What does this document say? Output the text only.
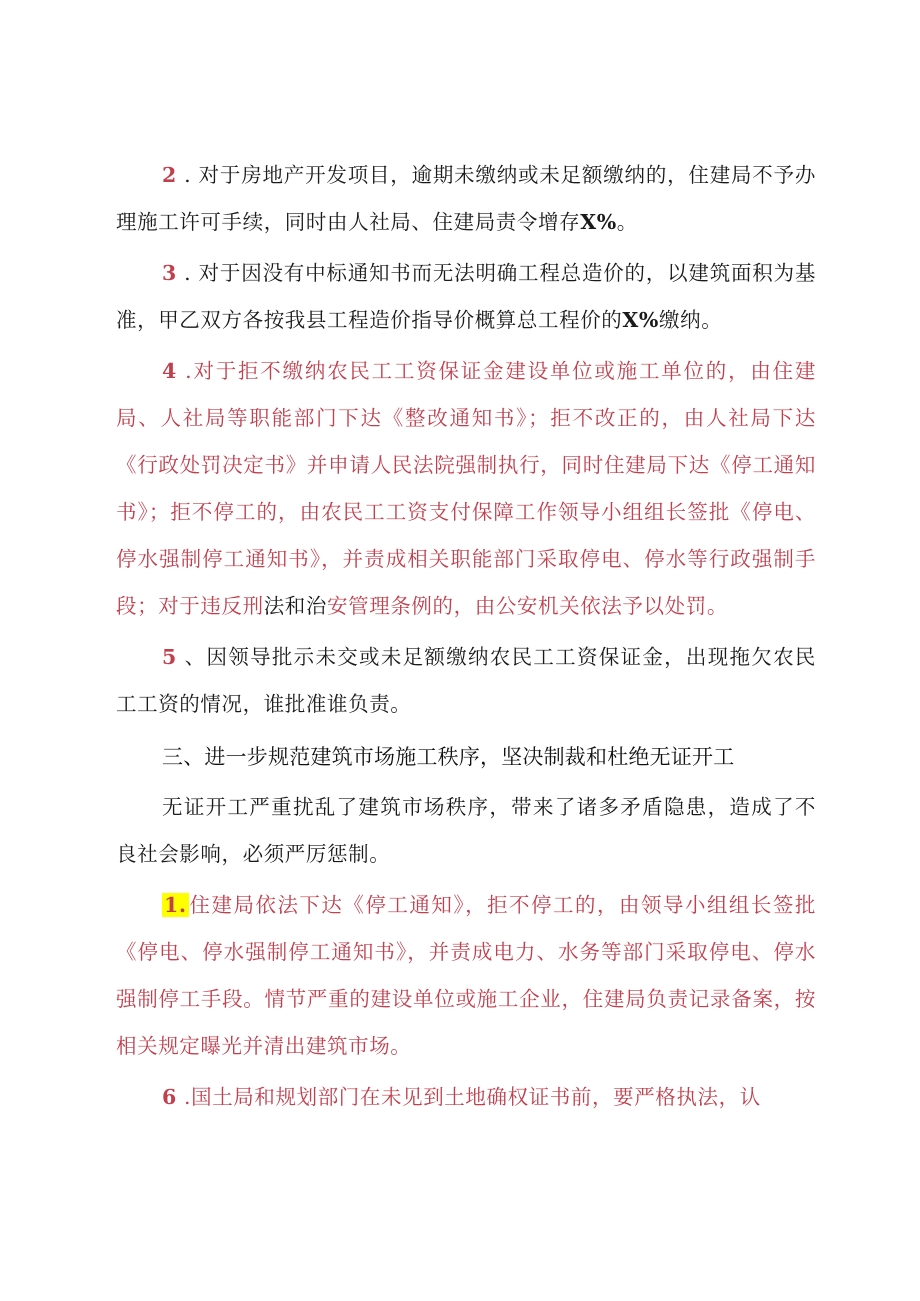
2 . 对于房地产开发项目，逾期未缴纳或未足额缴纳的，住建局不予办理施工许可手续，同时由人社局、住建局责令增存X%。

3 . 对于因没有中标通知书而无法明确工程总造价的，以建筑面积为基准，甲乙双方各按我县工程造价指导价概算总工程价的X%缴纳。

4 .对于拒不缴纳农民工工资保证金建设单位或施工单位的，由住建局、人社局等职能部门下达《整改通知书》；拒不改正的，由人社局下达《行政处罚决定书》并申请人民法院强制执行，同时住建局下达《停工通知书》；拒不停工的，由农民工工资支付保障工作领导小组组长签批《停电、停水强制停工通知书》，并责成相关职能部门采取停电、停水等行政强制手段；对于违反刑法和治安管理条例的，由公安机关依法予以处罚。

5 、因领导批示未交或未足额缴纳农民工工资保证金，出现拖欠农民工工资的情况，谁批准谁负责。

三、进一步规范建筑市场施工秩序，坚决制裁和杜绝无证开工

无证开工严重扰乱了建筑市场秩序，带来了诸多矛盾隐患，造成了不良社会影响，必须严厉惩制。

1.住建局依法下达《停工通知》，拒不停工的，由领导小组组长签批《停电、停水强制停工通知书》，并责成电力、水务等部门采取停电、停水强制停工手段。情节严重的建设单位或施工企业，住建局负责记录备案，按相关规定曝光并清出建筑市场。

6 .国土局和规划部门在未见到土地确权证书前，要严格执法，认
